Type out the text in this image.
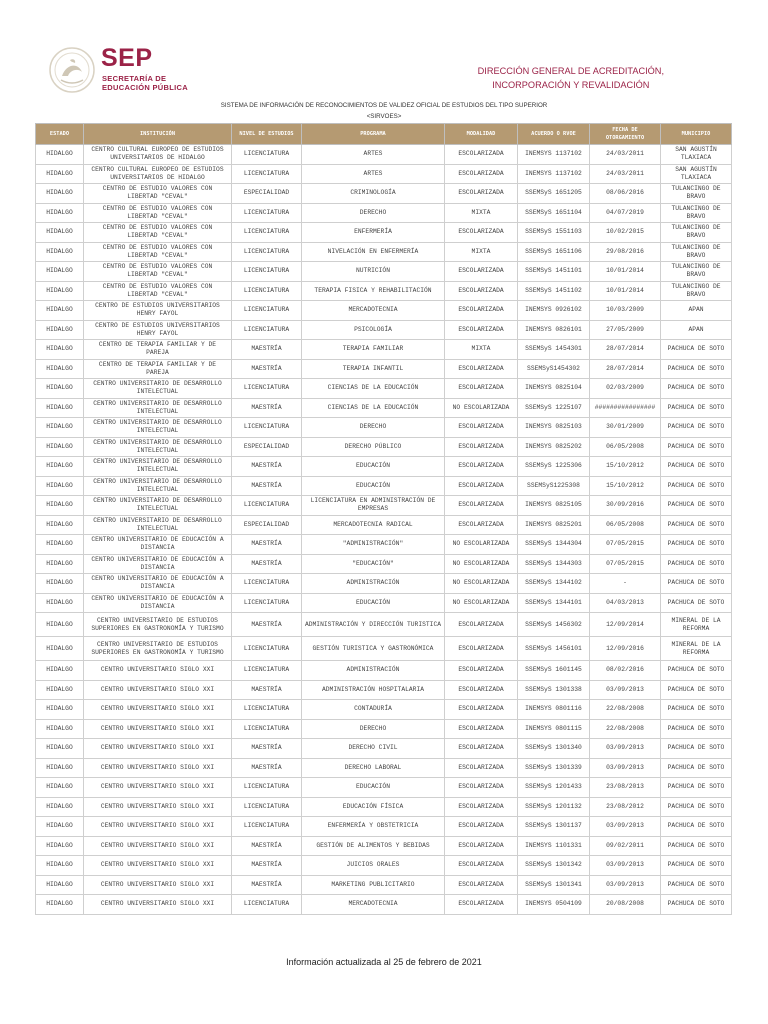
SEP
SECRETARÍA DE
EDUCACIÓN PÚBLICA
DIRECCIÓN GENERAL DE ACREDITACIÓN,
INCORPORACIÓN Y REVALIDACIÓN
SISTEMA DE INFORMACIÓN DE RECONOCIMIENTOS DE VALIDEZ OFICIAL DE ESTUDIOS DEL TIPO SUPERIOR
<SIRVOES>
ESTADO	INSTITUCIÓN	NIVEL DE ESTUDIOS	PROGRAMA	MODALIDAD	ACUERDO O RVOE	FECHA DE OTORGAMIENTO	MUNICIPIO
HIDALGO	CENTRO CULTURAL EUROPEO DE ESTUDIOS UNIVERSITARIOS DE HIDALGO	LICENCIATURA	ARTES	ESCOLARIZADA	INEMSYS 1137102	24/03/2011	SAN AGUSTÍN TLAXIACA
HIDALGO	CENTRO CULTURAL EUROPEO DE ESTUDIOS UNIVERSITARIOS DE HIDALGO	LICENCIATURA	ARTES	ESCOLARIZADA	INEMSYS 1137102	24/03/2011	SAN AGUSTÍN TLAXIACA
HIDALGO	CENTRO DE ESTUDIO VALORES CON LIBERTAD "CEVAL"	ESPECIALIDAD	CRIMINOLOGÍA	ESCOLARIZADA	SSEMSyS 1651205	08/06/2016	TULANCINGO DE BRAVO
HIDALGO	CENTRO DE ESTUDIO VALORES CON LIBERTAD "CEVAL"	LICENCIATURA	DERECHO	MIXTA	SSEMSyS 1651104	04/07/2019	TULANCINGO DE BRAVO
HIDALGO	CENTRO DE ESTUDIO VALORES CON LIBERTAD "CEVAL"	LICENCIATURA	ENFERMERÍA	ESCOLARIZADA	SSEMSyS 1551103	10/02/2015	TULANCINGO DE BRAVO
HIDALGO	CENTRO DE ESTUDIO VALORES CON LIBERTAD "CEVAL"	LICENCIATURA	NIVELACIÓN EN ENFERMERÍA	MIXTA	SSEMSyS 1651106	29/08/2016	TULANCINGO DE BRAVO
HIDALGO	CENTRO DE ESTUDIO VALORES CON LIBERTAD "CEVAL"	LICENCIATURA	NUTRICIÓN	ESCOLARIZADA	SSEMSyS 1451101	10/01/2014	TULANCINGO DE BRAVO
HIDALGO	CENTRO DE ESTUDIO VALORES CON LIBERTAD "CEVAL"	LICENCIATURA	TERAPIA FISICA Y REHABILITACIÓN	ESCOLARIZADA	SSEMSyS 1451102	10/01/2014	TULANCINGO DE BRAVO
HIDALGO	CENTRO DE ESTUDIOS UNIVERSITARIOS HENRY FAYOL	LICENCIATURA	MERCADOTECNIA	ESCOLARIZADA	INEMSYS 0926102	10/03/2009	APAN
HIDALGO	CENTRO DE ESTUDIOS UNIVERSITARIOS HENRY FAYOL	LICENCIATURA	PSICOLOGÍA	ESCOLARIZADA	INEMSYS 0826101	27/05/2009	APAN
HIDALGO	CENTRO DE TERAPIA FAMILIAR Y DE PAREJA	MAESTRÍA	TERAPIA FAMILIAR	MIXTA	SSEMSyS 1454301	28/07/2014	PACHUCA DE SOTO
HIDALGO	CENTRO DE TERAPIA FAMILIAR Y DE PAREJA	MAESTRÍA	TERAPIA INFANTIL	ESCOLARIZADA	SSEMSyS1454302	28/07/2014	PACHUCA DE SOTO
HIDALGO	CENTRO UNIVERSITARIO DE DESARROLLO INTELECTUAL	LICENCIATURA	CIENCIAS DE LA EDUCACIÓN	ESCOLARIZADA	INEMSYS 0825104	02/03/2009	PACHUCA DE SOTO
HIDALGO	CENTRO UNIVERSITARIO DE DESARROLLO INTELECTUAL	MAESTRÍA	CIENCIAS DE LA EDUCACIÓN	NO ESCOLARIZADA	SSEMSyS 1225107	################	PACHUCA DE SOTO
HIDALGO	CENTRO UNIVERSITARIO DE DESARROLLO INTELECTUAL	LICENCIATURA	DERECHO	ESCOLARIZADA	INEMSYS 0825103	30/01/2009	PACHUCA DE SOTO
HIDALGO	CENTRO UNIVERSITARIO DE DESARROLLO INTELECTUAL	ESPECIALIDAD	DERECHO PÚBLICO	ESCOLARIZADA	INEMSYS 0825202	06/05/2008	PACHUCA DE SOTO
HIDALGO	CENTRO UNIVERSITARIO DE DESARROLLO INTELECTUAL	MAESTRÍA	EDUCACIÓN	ESCOLARIZADA	SSEMSyS 1225306	15/10/2012	PACHUCA DE SOTO
HIDALGO	CENTRO UNIVERSITARIO DE DESARROLLO INTELECTUAL	MAESTRÍA	EDUCACIÓN	ESCOLARIZADA	SSEMSyS1225308	15/10/2012	PACHUCA DE SOTO
HIDALGO	CENTRO UNIVERSITARIO DE DESARROLLO INTELECTUAL	LICENCIATURA	LICENCIATURA EN ADMINISTRACIÓN DE EMPRESAS	ESCOLARIZADA	INEMSYS 0825105	30/09/2016	PACHUCA DE SOTO
HIDALGO	CENTRO UNIVERSITARIO DE DESARROLLO INTELECTUAL	ESPECIALIDAD	MERCADOTECNIA RADICAL	ESCOLARIZADA	INEMSYS 0825201	06/05/2008	PACHUCA DE SOTO
HIDALGO	CENTRO UNIVERSITARIO DE EDUCACIÓN A DISTANCIA	MAESTRÍA	"ADMINISTRACIÓN"	NO ESCOLARIZADA	SSEMSyS 1344304	07/05/2015	PACHUCA DE SOTO
HIDALGO	CENTRO UNIVERSITARIO DE EDUCACIÓN A DISTANCIA	MAESTRÍA	"EDUCACIÓN"	NO ESCOLARIZADA	SSEMSyS 1344303	07/05/2015	PACHUCA DE SOTO
HIDALGO	CENTRO UNIVERSITARIO DE EDUCACIÓN A DISTANCIA	LICENCIATURA	ADMINISTRACIÓN	NO ESCOLARIZADA	SSEMSyS 1344102	-	PACHUCA DE SOTO
HIDALGO	CENTRO UNIVERSITARIO DE EDUCACIÓN A DISTANCIA	LICENCIATURA	EDUCACIÓN	NO ESCOLARIZADA	SSEMSyS 1344101	04/03/2013	PACHUCA DE SOTO
HIDALGO	CENTRO UNIVERSITARIO DE ESTUDIOS SUPERIORES EN GASTRONOMÍA Y TURISMO	MAESTRÍA	ADMINISTRACIÓN Y DIRECCIÓN TURISTICA	ESCOLARIZADA	SSEMSyS 1456302	12/09/2014	MINERAL DE LA REFORMA
HIDALGO	CENTRO UNIVERSITARIO DE ESTUDIOS SUPERIORES EN GASTRONOMÍA Y TURISMO	LICENCIATURA	GESTIÓN TURISTICA Y GASTRONÓMICA	ESCOLARIZADA	SSEMSyS 1456101	12/09/2016	MINERAL DE LA REFORMA
HIDALGO	CENTRO UNIVERSITARIO SIGLO XXI	LICENCIATURA	ADMINISTRACIÓN	ESCOLARIZADA	SSEMSyS 1601145	08/02/2016	PACHUCA DE SOTO
HIDALGO	CENTRO UNIVERSITARIO SIGLO XXI	MAESTRÍA	ADMINISTRACIÓN HOSPITALARIA	ESCOLARIZADA	SSEMSyS 1301338	03/09/2013	PACHUCA DE SOTO
HIDALGO	CENTRO UNIVERSITARIO SIGLO XXI	LICENCIATURA	CONTADURÍA	ESCOLARIZADA	INEMSYS 0801116	22/08/2008	PACHUCA DE SOTO
HIDALGO	CENTRO UNIVERSITARIO SIGLO XXI	LICENCIATURA	DERECHO	ESCOLARIZADA	INEMSYS 0801115	22/08/2008	PACHUCA DE SOTO
HIDALGO	CENTRO UNIVERSITARIO SIGLO XXI	MAESTRÍA	DERECHO CIVIL	ESCOLARIZADA	SSEMSyS 1301340	03/09/2013	PACHUCA DE SOTO
HIDALGO	CENTRO UNIVERSITARIO SIGLO XXI	MAESTRÍA	DERECHO LABORAL	ESCOLARIZADA	SSEMSyS 1301339	03/09/2013	PACHUCA DE SOTO
HIDALGO	CENTRO UNIVERSITARIO SIGLO XXI	LICENCIATURA	EDUCACIÓN	ESCOLARIZADA	SSEMSyS 1201433	23/08/2013	PACHUCA DE SOTO
HIDALGO	CENTRO UNIVERSITARIO SIGLO XXI	LICENCIATURA	EDUCACIÓN FÍSICA	ESCOLARIZADA	SSEMSyS 1201132	23/08/2012	PACHUCA DE SOTO
HIDALGO	CENTRO UNIVERSITARIO SIGLO XXI	LICENCIATURA	ENFERMERÍA Y OBSTETRICIA	ESCOLARIZADA	SSEMSyS 1301137	03/09/2013	PACHUCA DE SOTO
HIDALGO	CENTRO UNIVERSITARIO SIGLO XXI	MAESTRÍA	GESTIÓN DE ALIMENTOS Y BEBIDAS	ESCOLARIZADA	INEMSYS 1101331	09/02/2011	PACHUCA DE SOTO
HIDALGO	CENTRO UNIVERSITARIO SIGLO XXI	MAESTRÍA	JUICIOS ORALES	ESCOLARIZADA	SSEMSyS 1301342	03/09/2013	PACHUCA DE SOTO
HIDALGO	CENTRO UNIVERSITARIO SIGLO XXI	MAESTRÍA	MARKETING PUBLICITARIO	ESCOLARIZADA	SSEMSyS 1301341	03/09/2013	PACHUCA DE SOTO
HIDALGO	CENTRO UNIVERSITARIO SIGLO XXI	LICENCIATURA	MERCADOTECNIA	ESCOLARIZADA	INEMSYS 0504109	20/08/2008	PACHUCA DE SOTO
Información actualizada al 25 de febrero de 2021
